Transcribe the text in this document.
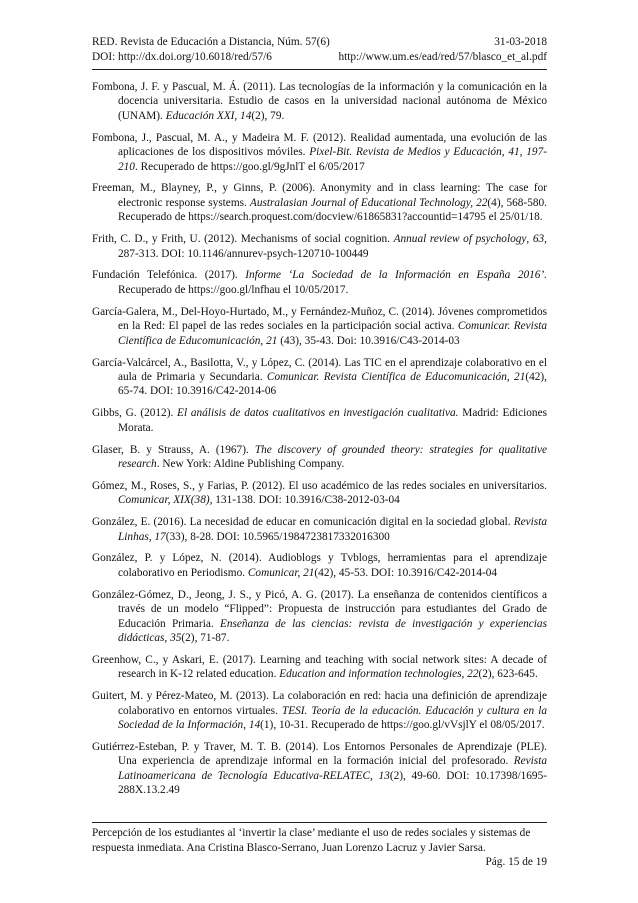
RED. Revista de Educación a Distancia, Núm. 57(6)	31-03-2018
DOI: http://dx.doi.org/10.6018/red/57/6	http://www.um.es/ead/red/57/blasco_et_al.pdf

Fombona, J. F. y Pascual, M. Á. (2011). Las tecnologías de la información y la comunicación en la docencia universitaria. Estudio de casos en la universidad nacional autónoma de México (UNAM). Educación XXI, 14(2), 79.

Fombona, J., Pascual, M. A., y Madeira M. F. (2012). Realidad aumentada, una evolución de las aplicaciones de los dispositivos móviles. Pixel-Bit. Revista de Medios y Educación, 41, 197-210. Recuperado de https://goo.gl/9gJnlT el 6/05/2017

Freeman, M., Blayney, P., y Ginns, P. (2006). Anonymity and in class learning: The case for electronic response systems. Australasian Journal of Educational Technology, 22(4), 568-580. Recuperado de https://search.proquest.com/docview/61865831?accountid=14795 el 25/01/18.

Frith, C. D., y Frith, U. (2012). Mechanisms of social cognition. Annual review of psychology, 63, 287-313. DOI: 10.1146/annurev-psych-120710-100449

Fundación Telefónica. (2017). Informe ‘La Sociedad de la Información en España 2016’. Recuperado de https://goo.gl/lnfhau el 10/05/2017.

García-Galera, M., Del-Hoyo-Hurtado, M., y Fernández-Muñoz, C. (2014). Jóvenes comprometidos en la Red: El papel de las redes sociales en la participación social activa. Comunicar. Revista Científica de Educomunicación, 21 (43), 35-43. Doi: 10.3916/C43-2014-03

García-Valcárcel, A., Basilotta, V., y López, C. (2014). Las TIC en el aprendizaje colaborativo en el aula de Primaria y Secundaria. Comunicar. Revista Científica de Educomunicación, 21(42), 65-74. DOI: 10.3916/C42-2014-06

Gibbs, G. (2012). El análisis de datos cualitativos en investigación cualitativa. Madrid: Ediciones Morata.

Glaser, B. y Strauss, A. (1967). The discovery of grounded theory: strategies for qualitative research. New York: Aldine Publishing Company.

Gómez, M., Roses, S., y Farias, P. (2012). El uso académico de las redes sociales en universitarios. Comunicar, XIX(38), 131-138. DOI: 10.3916/C38-2012-03-04

González, E. (2016). La necesidad de educar en comunicación digital en la sociedad global. Revista Linhas, 17(33), 8-28. DOI: 10.5965/1984723817332016300

González, P. y López, N. (2014). Audioblogs y Tvblogs, herramientas para el aprendizaje colaborativo en Periodismo. Comunicar, 21(42), 45-53. DOI: 10.3916/C42-2014-04

González-Gómez, D., Jeong, J. S., y Picó, A. G. (2017). La enseñanza de contenidos científicos a través de un modelo “Flipped”: Propuesta de instrucción para estudiantes del Grado de Educación Primaria. Enseñanza de las ciencias: revista de investigación y experiencias didácticas, 35(2), 71-87.

Greenhow, C., y Askari, E. (2017). Learning and teaching with social network sites: A decade of research in K-12 related education. Education and information technologies, 22(2), 623-645.

Guitert, M. y Pérez-Mateo, M. (2013). La colaboración en red: hacia una definición de aprendizaje colaborativo en entornos virtuales. TESI. Teoría de la educación. Educación y cultura en la Sociedad de la Información, 14(1), 10-31. Recuperado de https://goo.gl/vVsjlY el 08/05/2017.

Gutiérrez-Esteban, P. y Traver, M. T. B. (2014). Los Entornos Personales de Aprendizaje (PLE). Una experiencia de aprendizaje informal en la formación inicial del profesorado. Revista Latinoamericana de Tecnología Educativa-RELATEC, 13(2), 49-60. DOI: 10.17398/1695-288X.13.2.49

Percepción de los estudiantes al ‘invertir la clase’ mediante el uso de redes sociales y sistemas de respuesta inmediata. Ana Cristina Blasco-Serrano, Juan Lorenzo Lacruz y Javier Sarsa.
Pág. 15 de 19
